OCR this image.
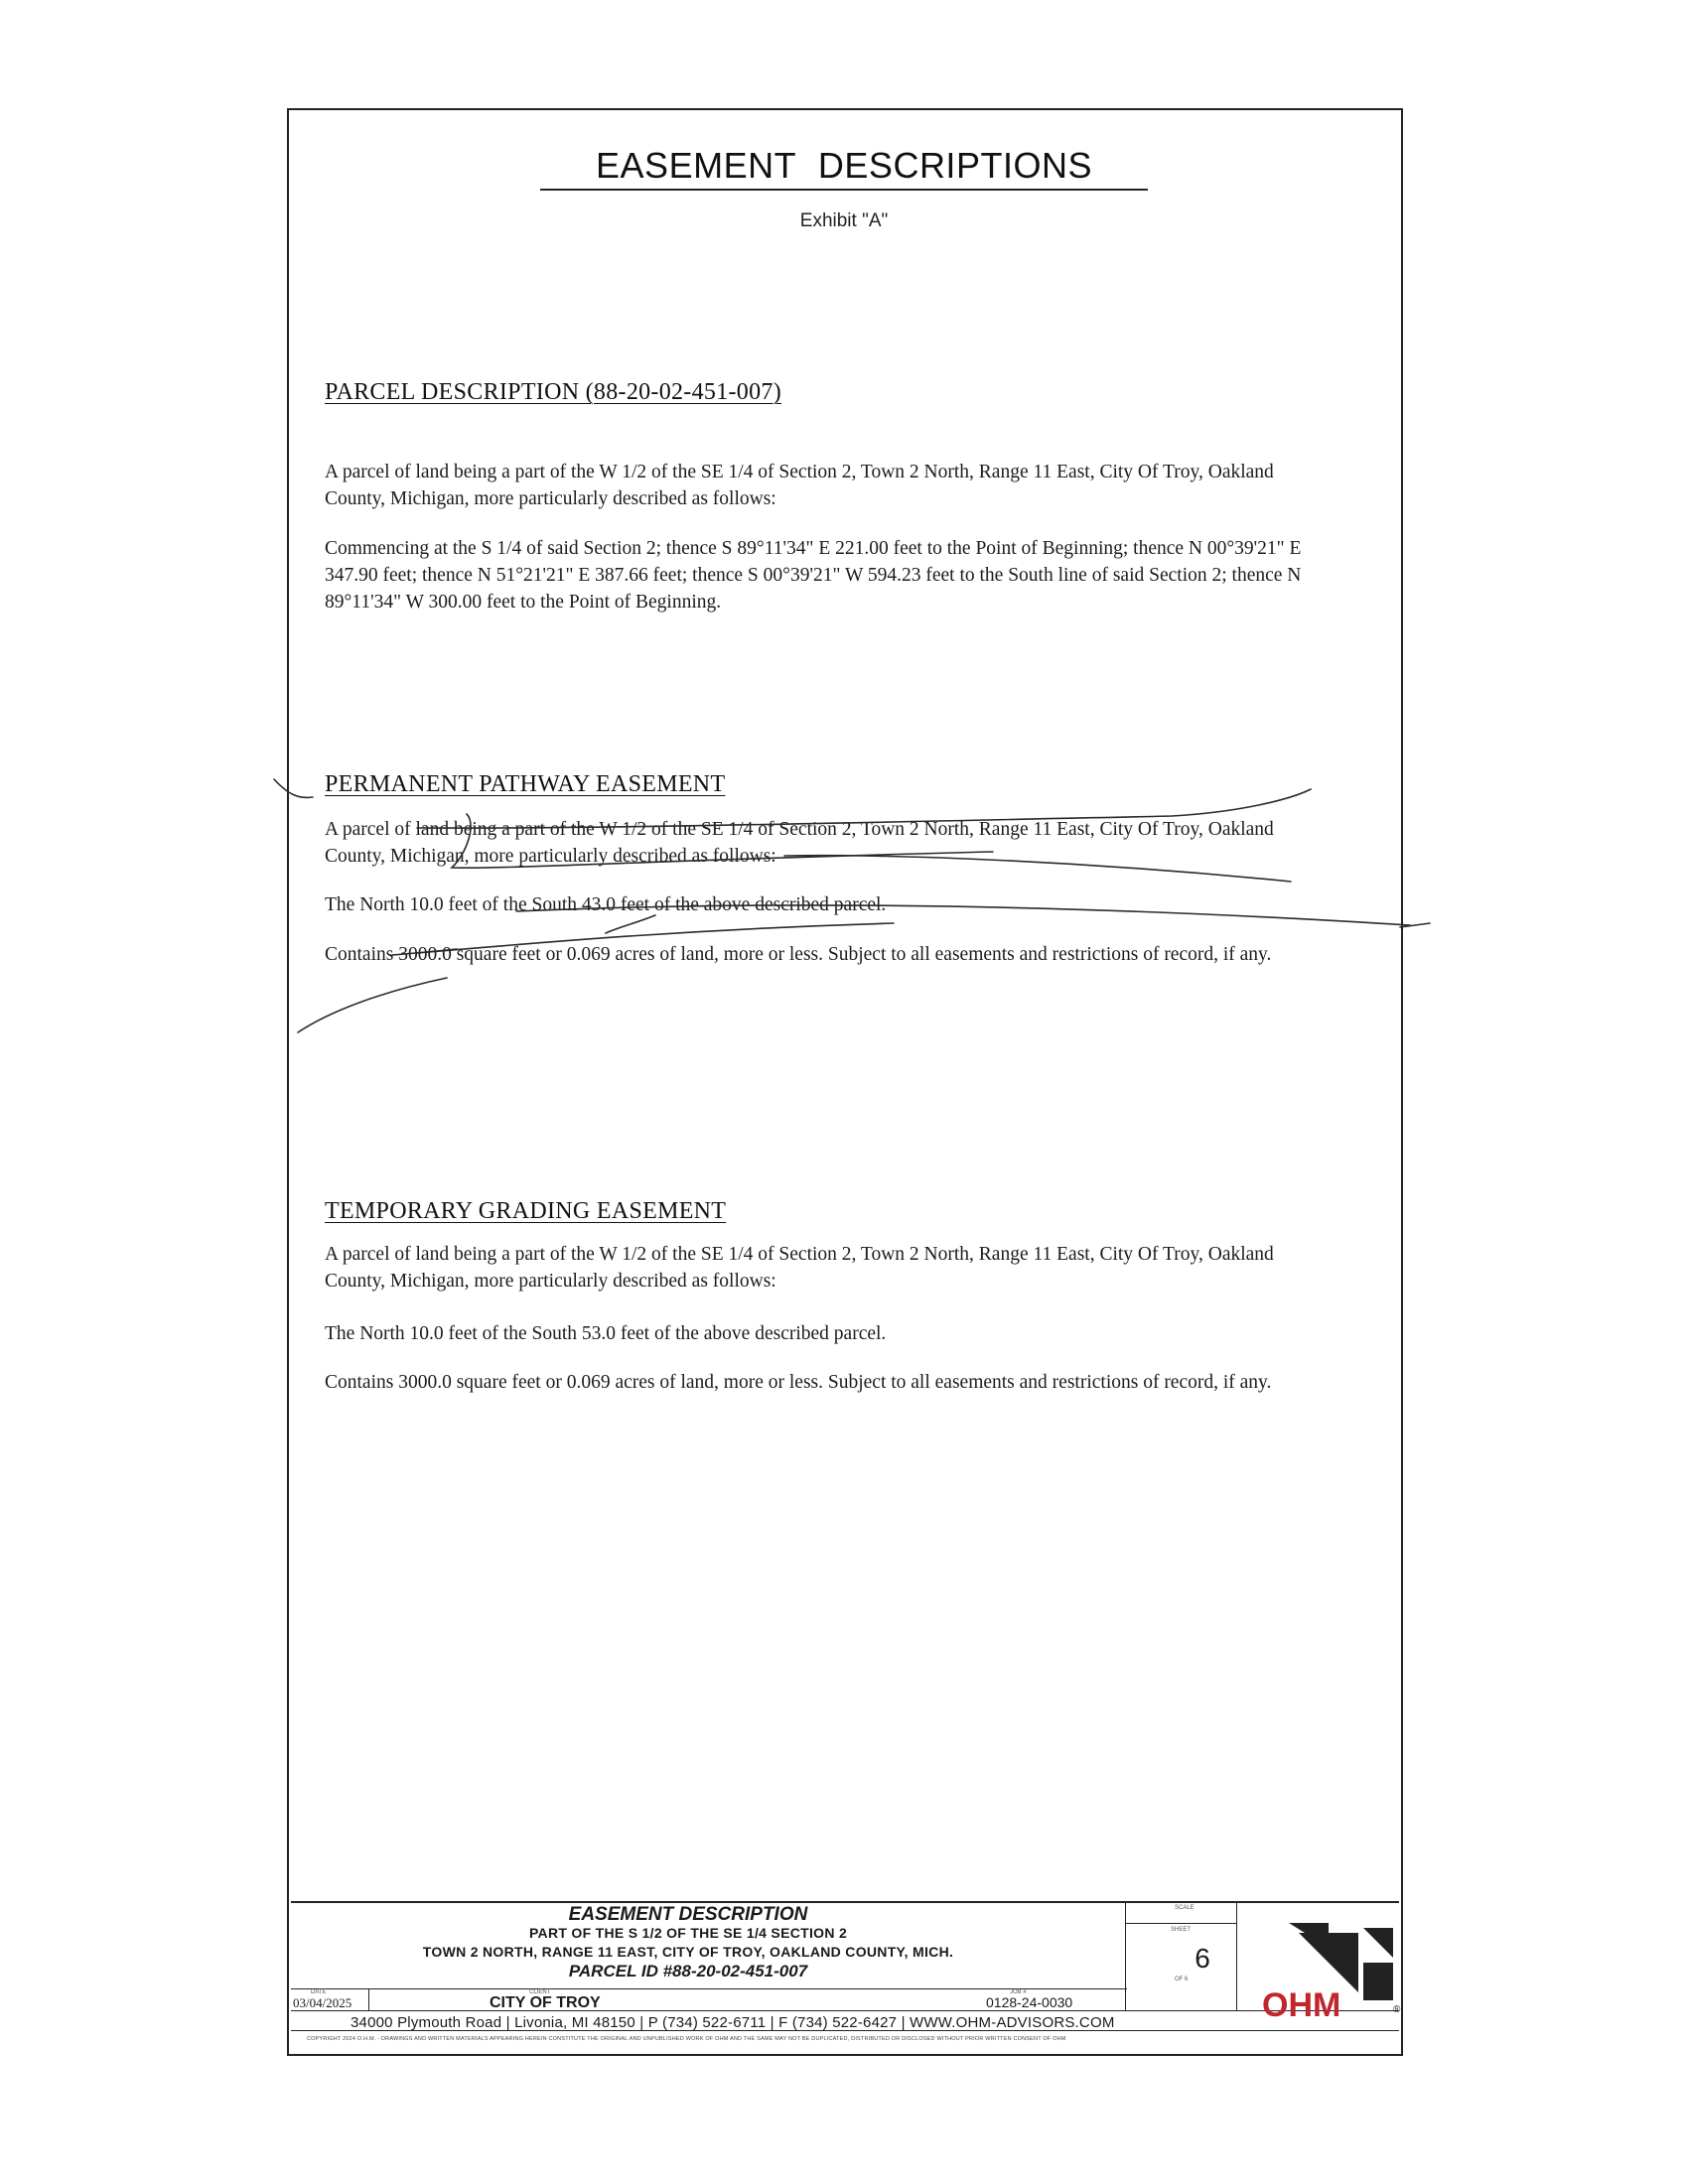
EASEMENT DESCRIPTIONS
Exhibit "A"
PARCEL DESCRIPTION (88-20-02-451-007)

A parcel of land being a part of the W 1/2 of the SE 1/4 of Section 2, Town 2 North, Range 11 East, City Of Troy, Oakland County, Michigan, more particularly described as follows:

Commencing at the S 1/4 of said Section 2; thence S 89°11'34" E 221.00 feet to the Point of Beginning; thence N 00°39'21" E 347.90 feet; thence N 51°21'21" E 387.66 feet; thence S 00°39'21" W 594.23 feet to the South line of said Section 2; thence N 89°11'34" W 300.00 feet to the Point of Beginning.

PERMANENT PATHWAY EASEMENT

A parcel of land being a part of the W 1/2 of the SE 1/4 of Section 2, Town 2 North, Range 11 East, City Of Troy, Oakland County, Michigan, more particularly described as follows:

The North 10.0 feet of the South 43.0 feet of the above described parcel.

Contains 3000.0 square feet or 0.069 acres of land, more or less. Subject to all easements and restrictions of record, if any.

TEMPORARY GRADING EASEMENT

A parcel of land being a part of the W 1/2 of the SE 1/4 of Section 2, Town 2 North, Range 11 East, City Of Troy, Oakland County, Michigan, more particularly described as follows:

The North 10.0 feet of the South 53.0 feet of the above described parcel.

Contains 3000.0 square feet or 0.069 acres of land, more or less. Subject to all easements and restrictions of record, if any.

EASEMENT DESCRIPTION
PART OF THE S 1/2 OF THE SE 1/4 SECTION 2
TOWN 2 NORTH, RANGE 11 EAST, CITY OF TROY, OAKLAND COUNTY, MICH.
PARCEL ID #88-20-02-451-007
SCALE
SHEET
6
OF 6
DATE
03/04/2025
CLIENT
CITY OF TROY
JOB #
0128-24-0030
34000 Plymouth Road | Livonia, MI 48150 | P (734) 522-6711 | F (734) 522-6427 | WWW.OHM-ADVISORS.COM
COPYRIGHT 2024 O.H.M. - DRAWINGS AND WRITTEN MATERIALS APPEARING HEREIN CONSTITUTE THE ORIGINAL AND UNPUBLISHED WORK OF OHM AND THE SAME MAY NOT BE DUPLICATED, DISTRIBUTED OR DISCLOSED WITHOUT PRIOR WRITTEN CONSENT OF OHM
OHM	®
